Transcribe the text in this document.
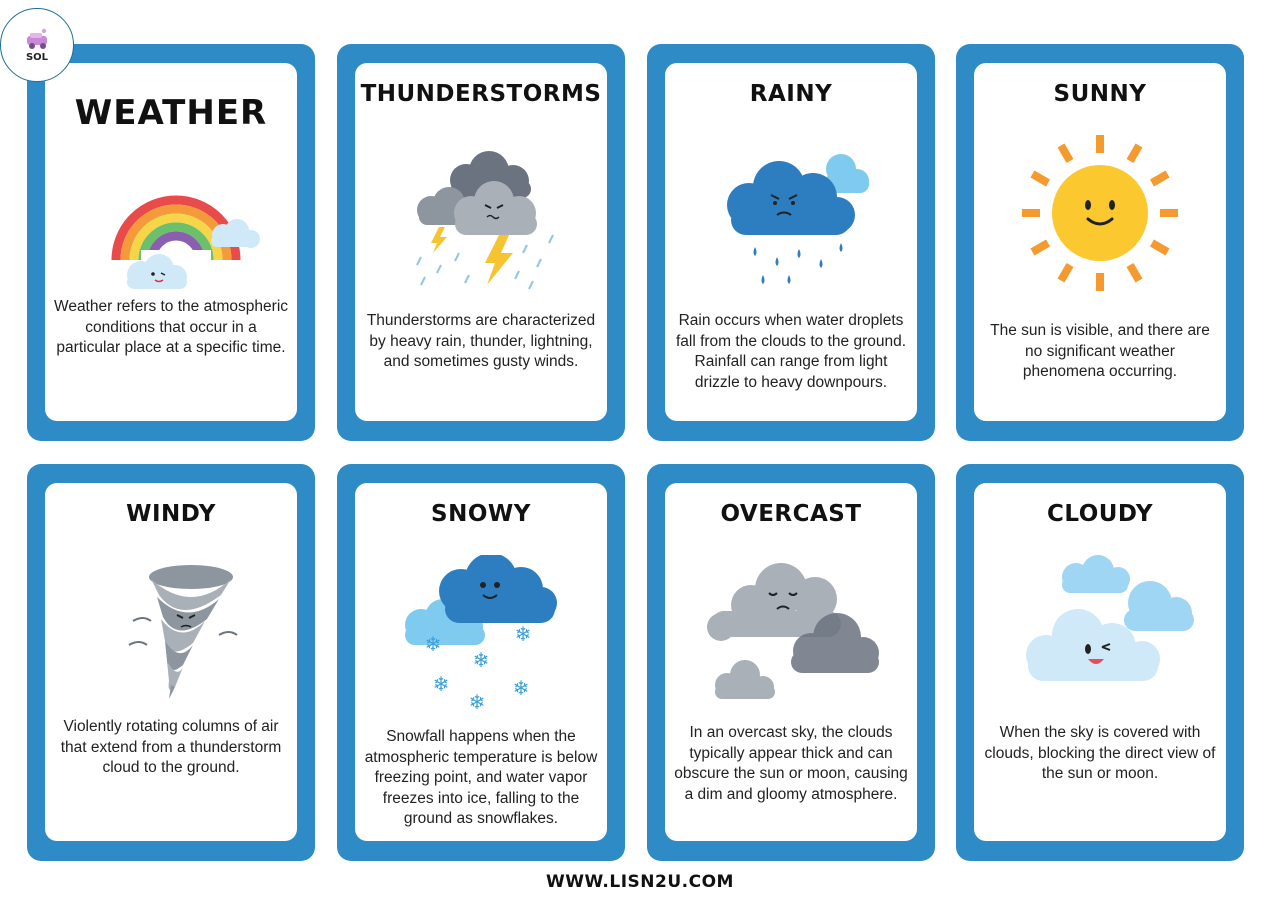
SOL
WEATHER
Weather refers to the atmospheric conditions that occur in a particular place at a specific time.
THUNDERSTORMS
Thunderstorms are characterized by heavy rain, thunder, lightning, and sometimes gusty winds.
RAINY
Rain occurs when water droplets fall from the clouds to the ground. Rainfall can range from light drizzle to heavy downpours.
SUNNY
The sun is visible, and there are no significant weather phenomena occurring.
WINDY
Violently rotating columns of air that extend from a thunderstorm cloud to the ground.
SNOWY
❄	❄
❄
❄	❄
❄
Snowfall happens when the atmospheric temperature is below freezing point, and water vapor freezes into ice, falling to the ground as snowflakes.
OVERCAST
In an overcast sky, the clouds typically appear thick and can obscure the sun or moon, causing a dim and gloomy atmosphere.
CLOUDY
When the sky is covered with clouds, blocking the direct view of the sun or moon.
WWW.LISN2U.COM
